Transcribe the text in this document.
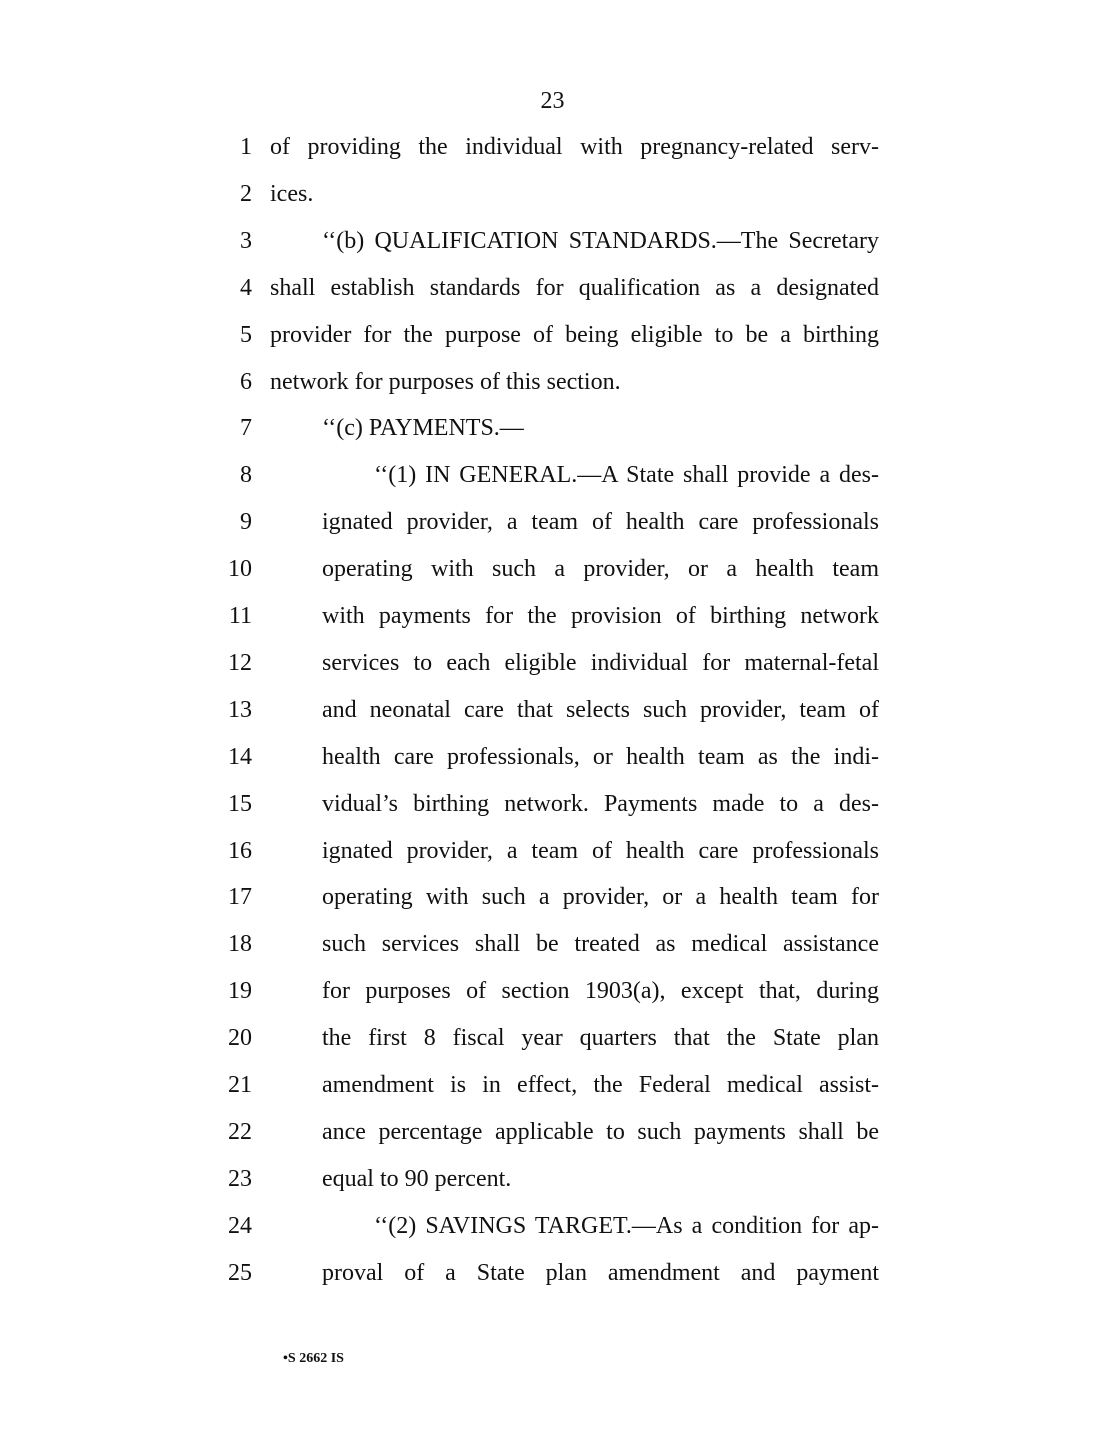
23
1 of providing the individual with pregnancy-related serv-
2 ices.
3	‘‘(b) QUALIFICATION STANDARDS.—The Secretary
4 shall establish standards for qualification as a designated
5 provider for the purpose of being eligible to be a birthing
6 network for purposes of this section.
7	‘‘(c) PAYMENTS.—
8	‘‘(1) IN GENERAL.—A State shall provide a des-
9	ignated provider, a team of health care professionals
10	operating with such a provider, or a health team
11	with payments for the provision of birthing network
12	services to each eligible individual for maternal-fetal
13	and neonatal care that selects such provider, team of
14	health care professionals, or health team as the indi-
15	vidual’s birthing network. Payments made to a des-
16	ignated provider, a team of health care professionals
17	operating with such a provider, or a health team for
18	such services shall be treated as medical assistance
19	for purposes of section 1903(a), except that, during
20	the first 8 fiscal year quarters that the State plan
21	amendment is in effect, the Federal medical assist-
22	ance percentage applicable to such payments shall be
23	equal to 90 percent.
24	‘‘(2) SAVINGS TARGET.—As a condition for ap-
25	proval of a State plan amendment and payment
•S 2662 IS
